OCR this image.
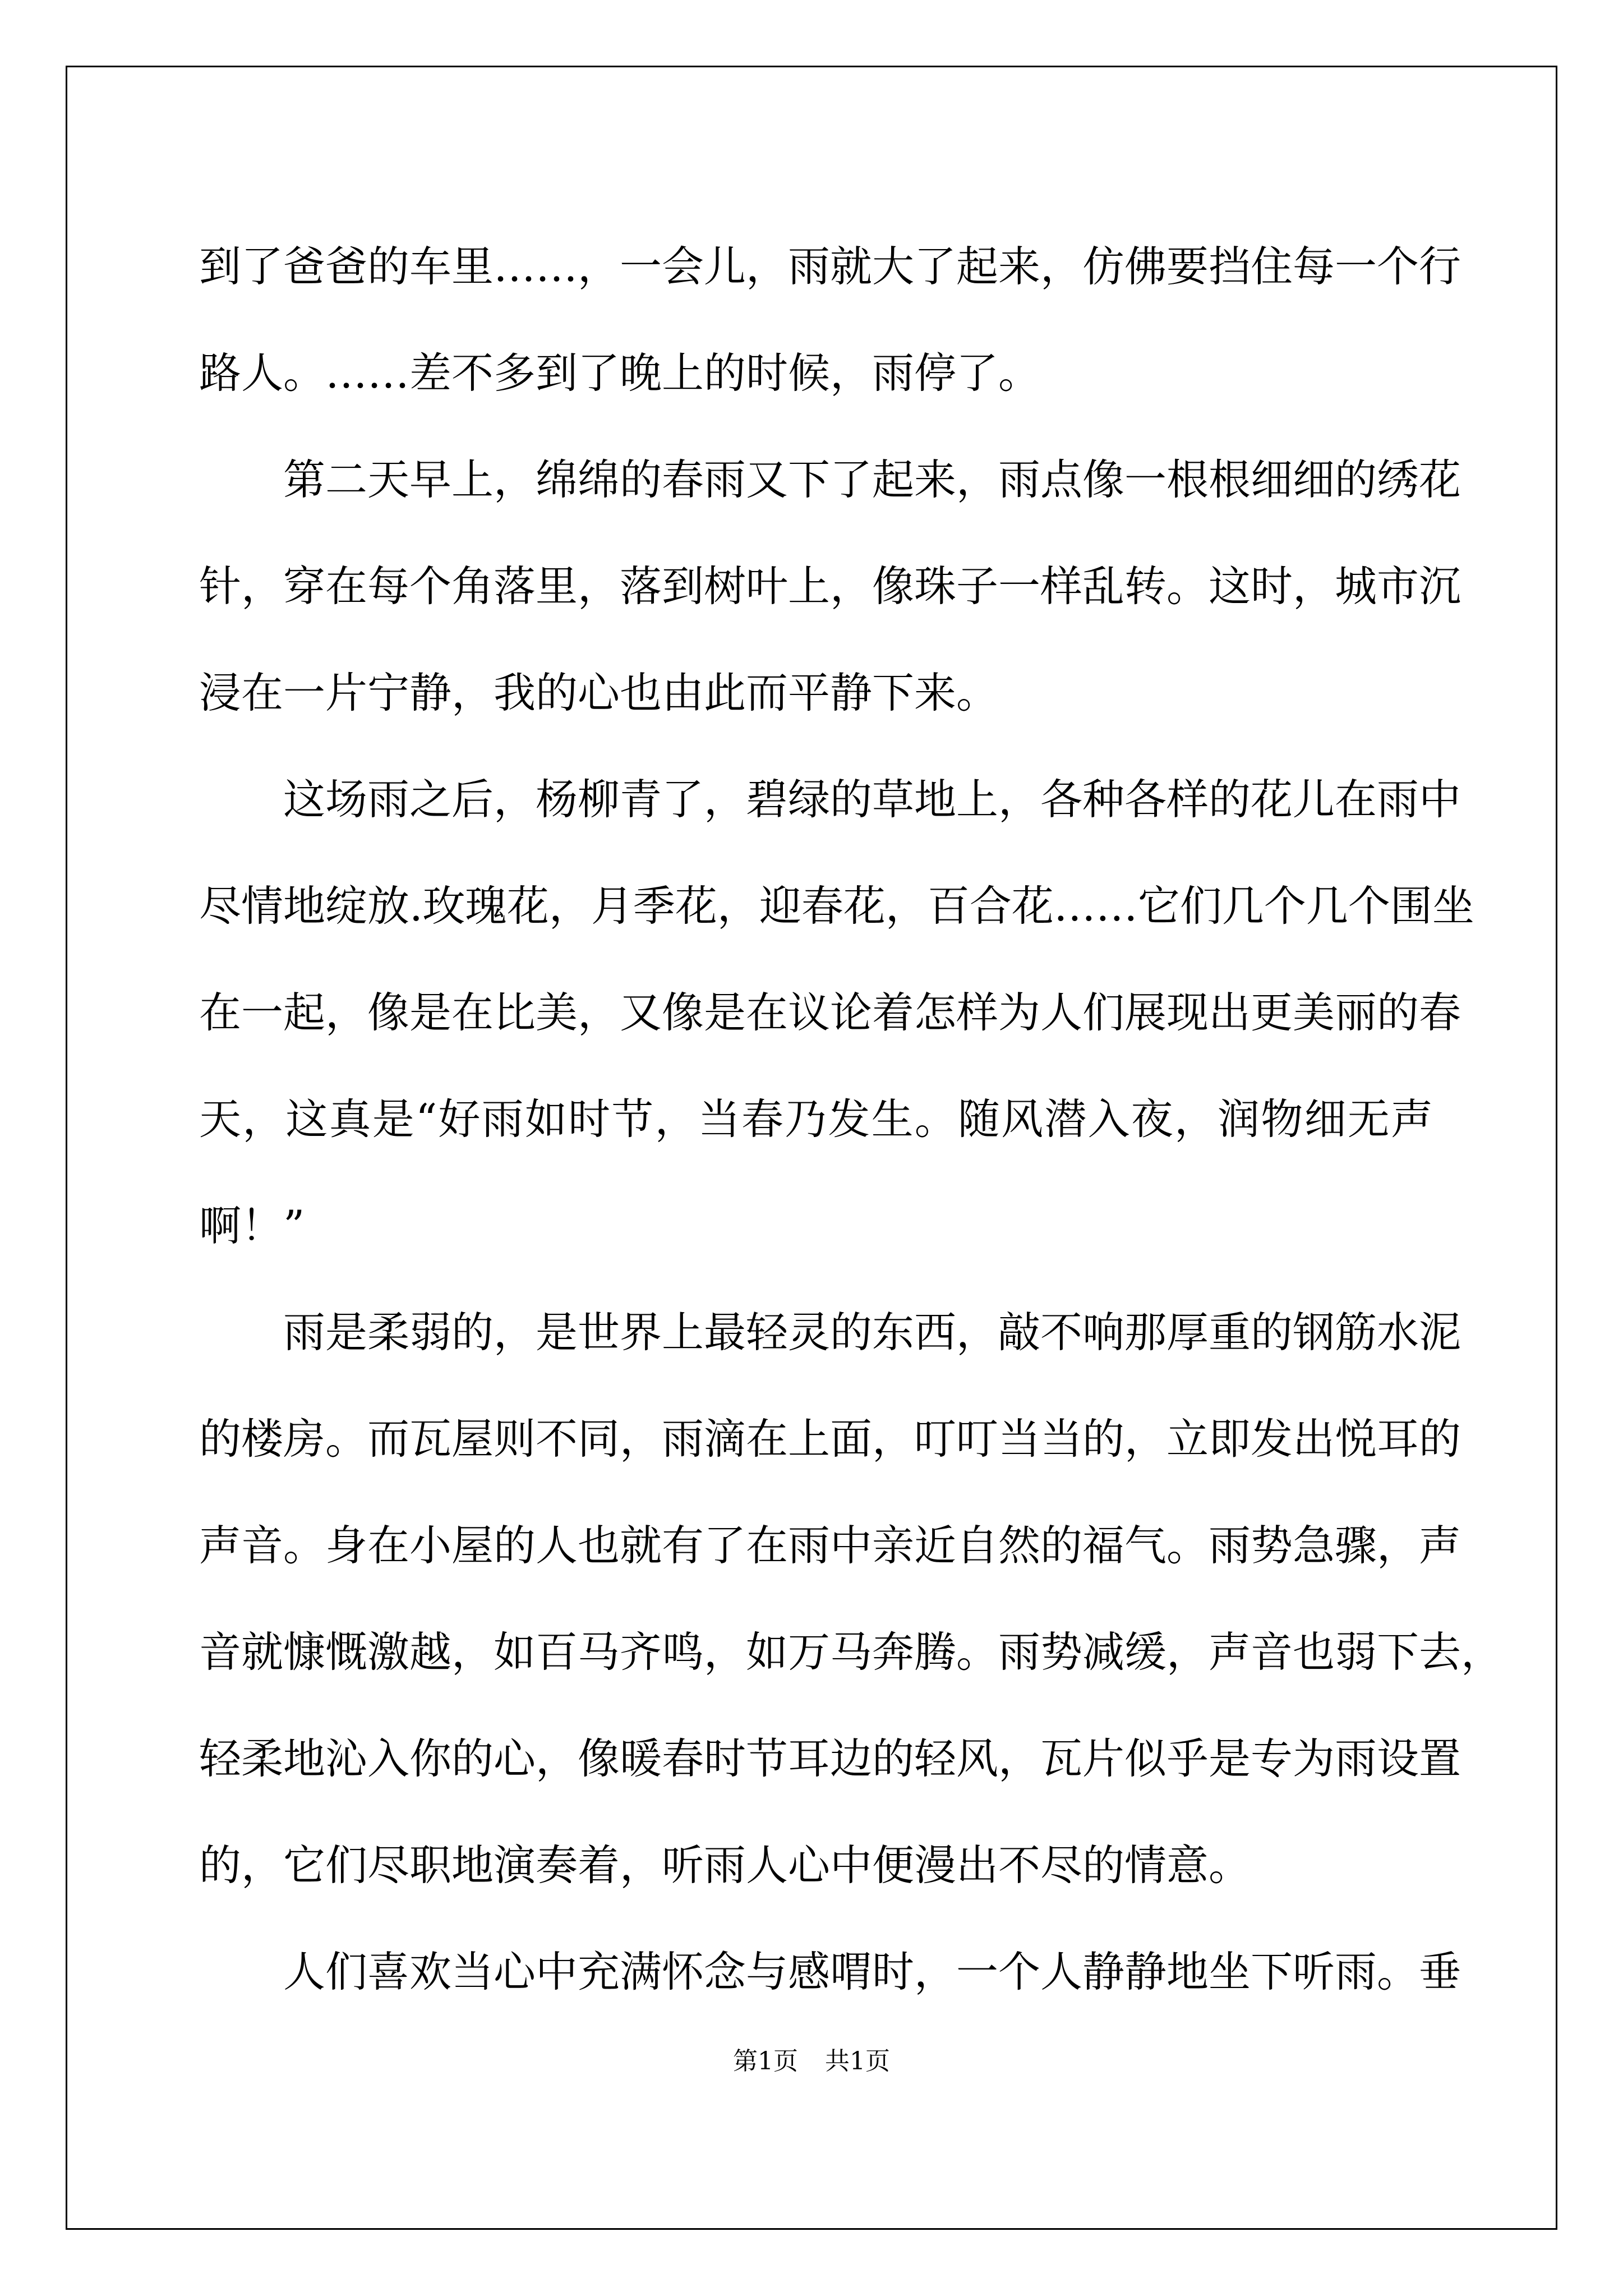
到了爸爸的车里……，一会儿，雨就大了起来，仿佛要挡住每一个行
路人。……差不多到了晚上的时候，雨停了。
第二天早上，绵绵的春雨又下了起来，雨点像一根根细细的绣花
针，穿在每个角落里，落到树叶上，像珠子一样乱转。这时，城市沉
浸在一片宁静，我的心也由此而平静下来。
这场雨之后，杨柳青了，碧绿的草地上，各种各样的花儿在雨中
尽情地绽放.玫瑰花，月季花，迎春花，百合花……它们几个几个围坐
在一起，像是在比美，又像是在议论着怎样为人们展现出更美丽的春
天，这真是“好雨如时节，当春乃发生。随风潜入夜，润物细无声
啊！”
雨是柔弱的，是世界上最轻灵的东西，敲不响那厚重的钢筋水泥
的楼房。而瓦屋则不同，雨滴在上面，叮叮当当的，立即发出悦耳的
声音。身在小屋的人也就有了在雨中亲近自然的福气。雨势急骤，声
音就慷慨激越，如百马齐鸣，如万马奔腾。雨势减缓，声音也弱下去，
轻柔地沁入你的心，像暖春时节耳边的轻风，瓦片似乎是专为雨设置
的，它们尽职地演奏着，听雨人心中便漫出不尽的情意。
人们喜欢当心中充满怀念与感喟时，一个人静静地坐下听雨。垂
第1页 共1页
